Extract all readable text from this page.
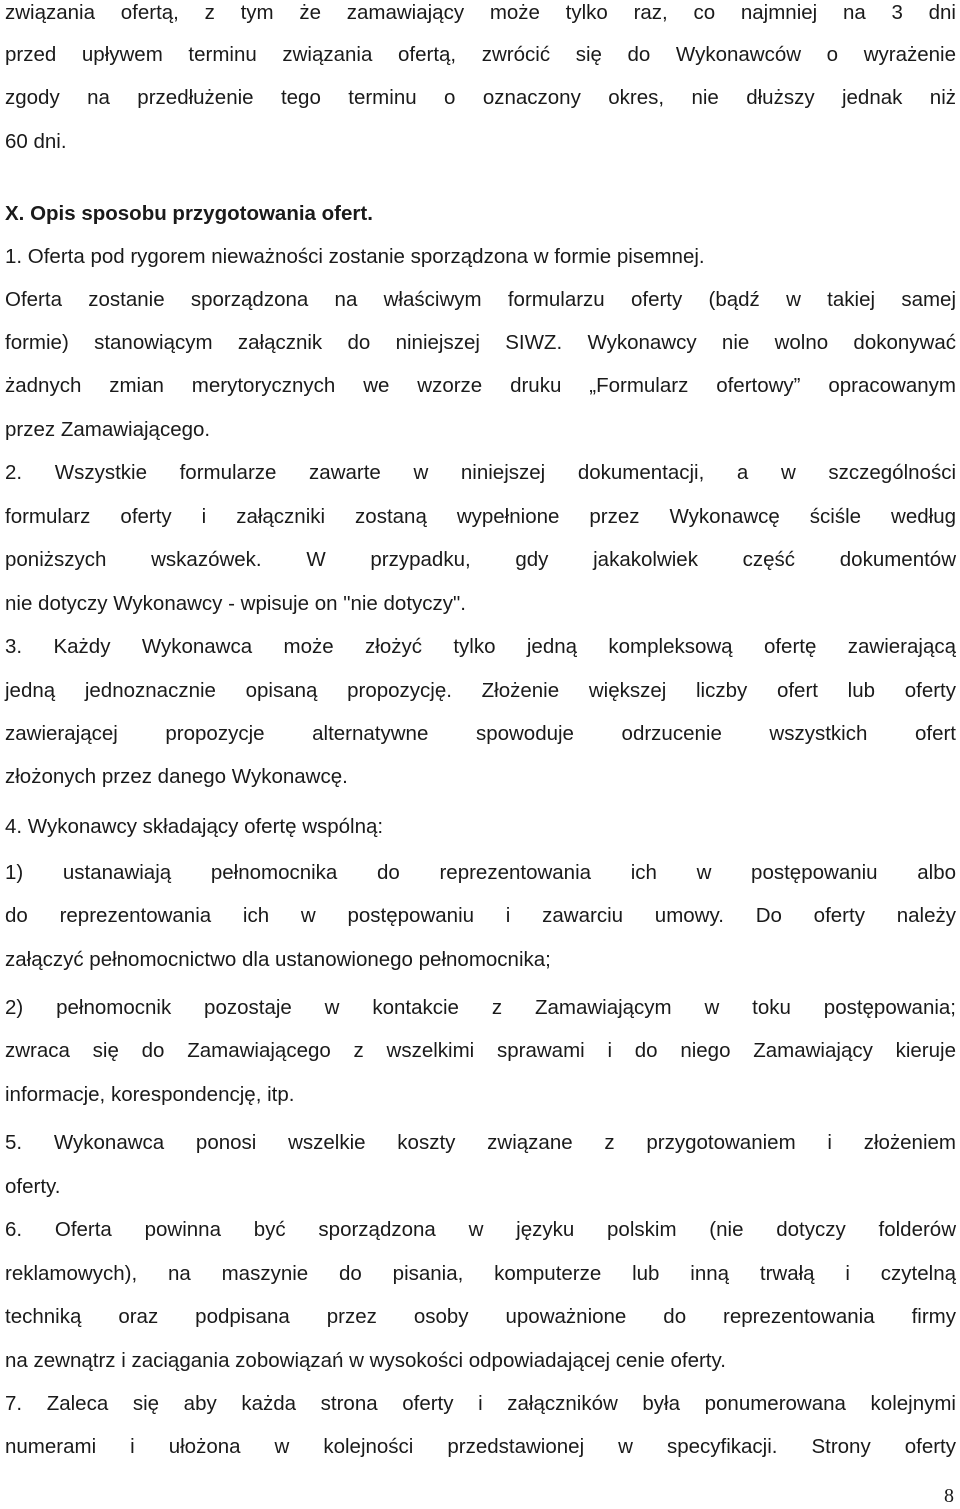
związania ofertą, z tym że zamawiający może tylko raz, co najmniej na 3 dni
przed upływem terminu związania ofertą, zwrócić się do Wykonawców o wyrażenie
zgody na przedłużenie tego terminu o oznaczony okres, nie dłuższy jednak niż
60 dni.
X. Opis sposobu przygotowania ofert.
1. Oferta pod rygorem nieważności zostanie sporządzona w formie pisemnej.
Oferta zostanie sporządzona na właściwym formularzu oferty (bądź w takiej samej
formie) stanowiącym załącznik do niniejszej SIWZ. Wykonawcy nie wolno dokonywać
żadnych zmian merytorycznych we wzorze druku „Formularz ofertowy” opracowanym
przez Zamawiającego.
2. Wszystkie formularze zawarte w niniejszej dokumentacji, a w szczególności
formularz oferty i załączniki zostaną wypełnione przez Wykonawcę ściśle według
poniższych wskazówek. W przypadku, gdy jakakolwiek część dokumentów
nie dotyczy Wykonawcy - wpisuje on "nie dotyczy".
3. Każdy Wykonawca może złożyć tylko jedną kompleksową ofertę zawierającą
jedną jednoznacznie opisaną propozycję. Złożenie większej liczby ofert lub oferty
zawierającej propozycje alternatywne spowoduje odrzucenie wszystkich ofert
złożonych przez danego Wykonawcę.
4. Wykonawcy składający ofertę wspólną:
1) ustanawiają pełnomocnika do reprezentowania ich w postępowaniu albo
do reprezentowania ich w postępowaniu i zawarciu umowy. Do oferty należy
załączyć pełnomocnictwo dla ustanowionego pełnomocnika;
2) pełnomocnik pozostaje w kontakcie z Zamawiającym w toku postępowania;
zwraca się do Zamawiającego z wszelkimi sprawami i do niego Zamawiający kieruje
informacje, korespondencję, itp.
5. Wykonawca ponosi wszelkie koszty związane z przygotowaniem i złożeniem
oferty.
6. Oferta powinna być sporządzona w języku polskim (nie dotyczy folderów
reklamowych), na maszynie do pisania, komputerze lub inną trwałą i czytelną
techniką oraz podpisana przez osoby upoważnione do reprezentowania firmy
na zewnątrz i zaciągania zobowiązań w wysokości odpowiadającej cenie oferty.
7. Zaleca się aby każda strona oferty i załączników była ponumerowana kolejnymi
numerami i ułożona w kolejności przedstawionej w specyfikacji. Strony oferty
8
